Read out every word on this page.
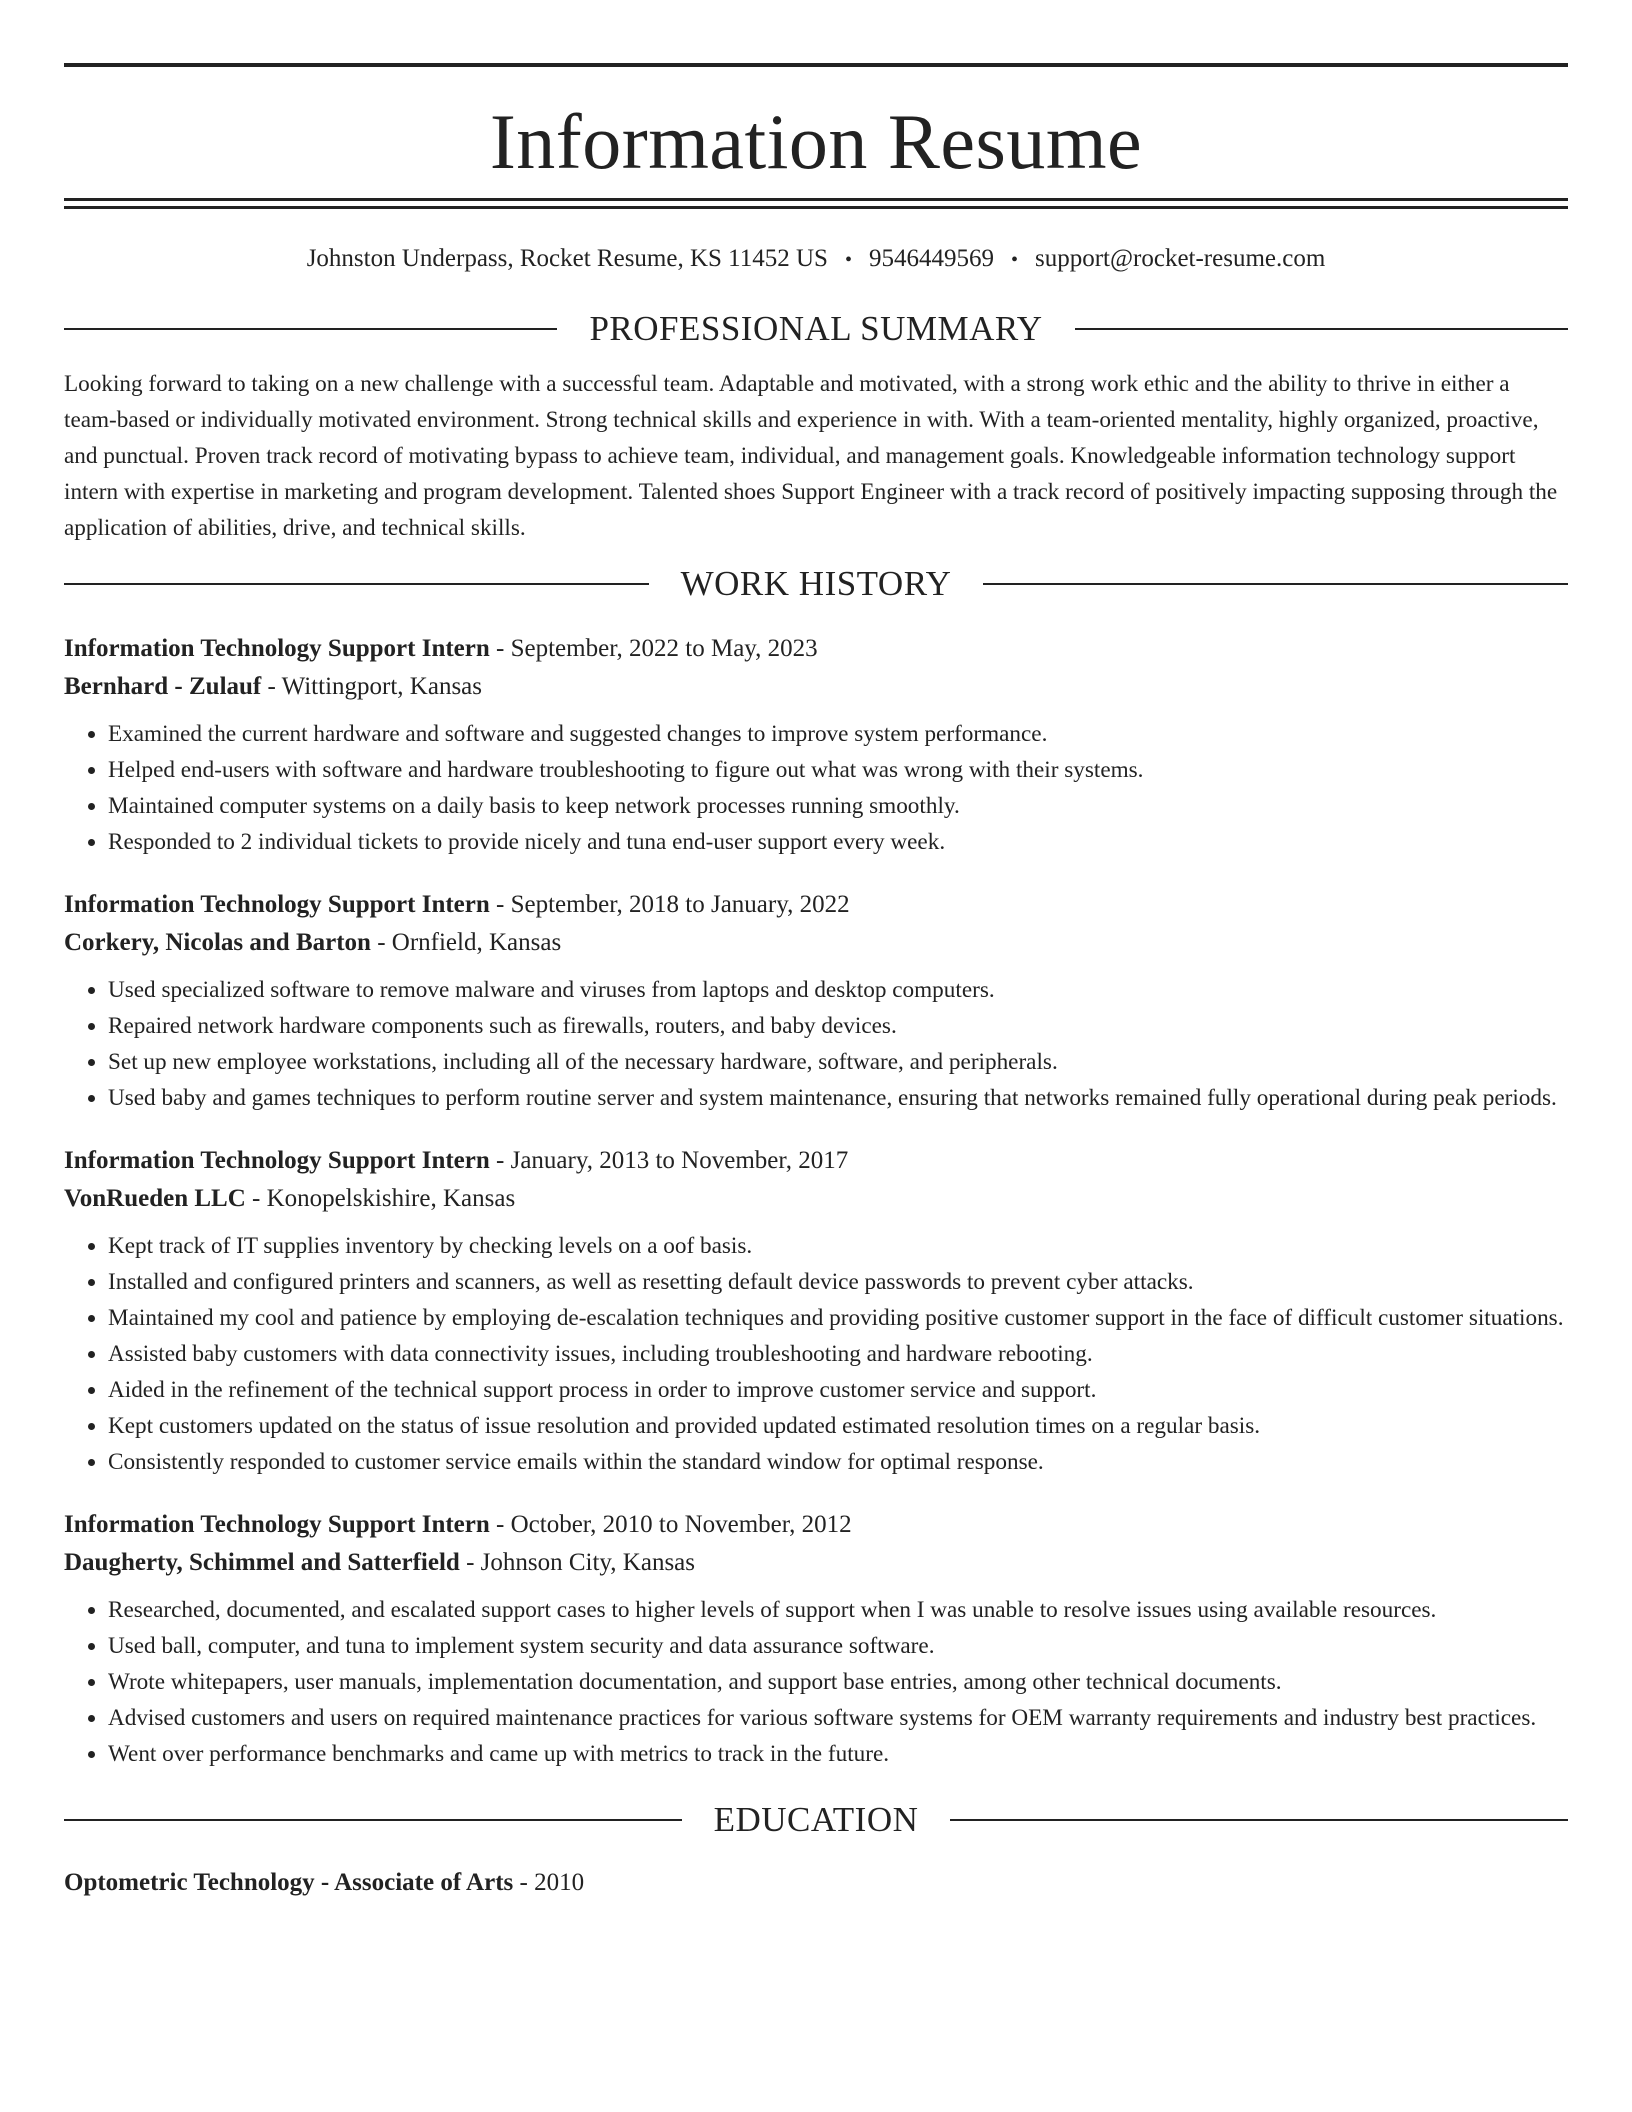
Information Resume
Johnston Underpass, Rocket Resume, KS 11452 US • 9546449569 • support@rocket-resume.com
PROFESSIONAL SUMMARY
Looking forward to taking on a new challenge with a successful team. Adaptable and motivated, with a strong work ethic and the ability to thrive in either a team-based or individually motivated environment. Strong technical skills and experience in with. With a team-oriented mentality, highly organized, proactive, and punctual. Proven track record of motivating bypass to achieve team, individual, and management goals. Knowledgeable information technology support intern with expertise in marketing and program development. Talented shoes Support Engineer with a track record of positively impacting supposing through the application of abilities, drive, and technical skills.
WORK HISTORY
Information Technology Support Intern - September, 2022 to May, 2023
Bernhard - Zulauf - Wittingport, Kansas
• Examined the current hardware and software and suggested changes to improve system performance.
• Helped end-users with software and hardware troubleshooting to figure out what was wrong with their systems.
• Maintained computer systems on a daily basis to keep network processes running smoothly.
• Responded to 2 individual tickets to provide nicely and tuna end-user support every week.
Information Technology Support Intern - September, 2018 to January, 2022
Corkery, Nicolas and Barton - Ornfield, Kansas
• Used specialized software to remove malware and viruses from laptops and desktop computers.
• Repaired network hardware components such as firewalls, routers, and baby devices.
• Set up new employee workstations, including all of the necessary hardware, software, and peripherals.
• Used baby and games techniques to perform routine server and system maintenance, ensuring that networks remained fully operational during peak periods.
Information Technology Support Intern - January, 2013 to November, 2017
VonRueden LLC - Konopelskishire, Kansas
• Kept track of IT supplies inventory by checking levels on a oof basis.
• Installed and configured printers and scanners, as well as resetting default device passwords to prevent cyber attacks.
• Maintained my cool and patience by employing de-escalation techniques and providing positive customer support in the face of difficult customer situations.
• Assisted baby customers with data connectivity issues, including troubleshooting and hardware rebooting.
• Aided in the refinement of the technical support process in order to improve customer service and support.
• Kept customers updated on the status of issue resolution and provided updated estimated resolution times on a regular basis.
• Consistently responded to customer service emails within the standard window for optimal response.
Information Technology Support Intern - October, 2010 to November, 2012
Daugherty, Schimmel and Satterfield - Johnson City, Kansas
• Researched, documented, and escalated support cases to higher levels of support when I was unable to resolve issues using available resources.
• Used ball, computer, and tuna to implement system security and data assurance software.
• Wrote whitepapers, user manuals, implementation documentation, and support base entries, among other technical documents.
• Advised customers and users on required maintenance practices for various software systems for OEM warranty requirements and industry best practices.
• Went over performance benchmarks and came up with metrics to track in the future.
EDUCATION
Optometric Technology - Associate of Arts - 2010
